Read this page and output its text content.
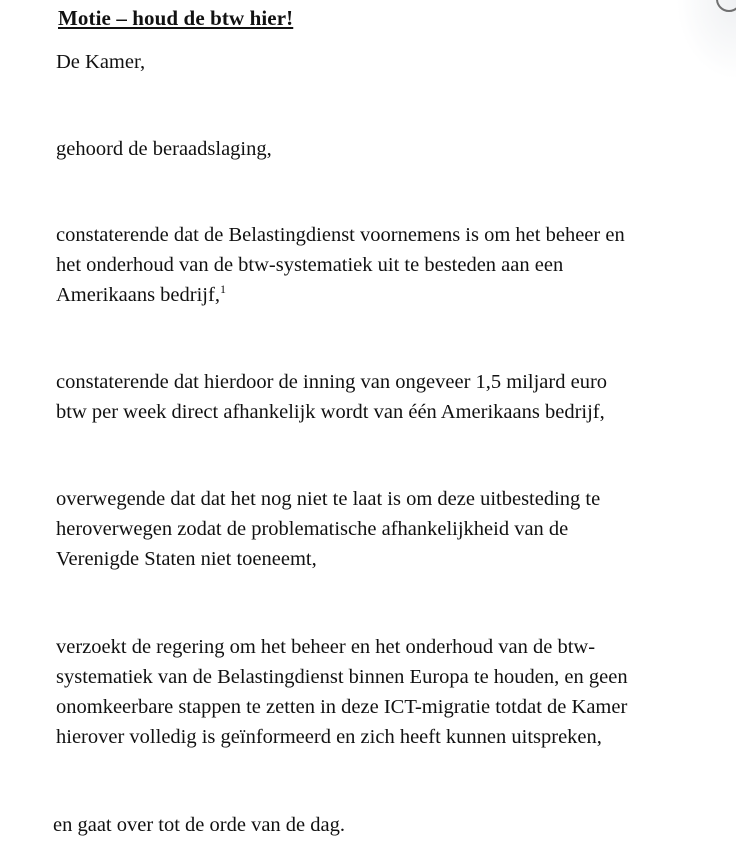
Motie – houd de btw hier!
De Kamer,
gehoord de beraadslaging,
constaterende dat de Belastingdienst voornemens is om het beheer en
het onderhoud van de btw-systematiek uit te besteden aan een
Amerikaans bedrijf,$^1$
constaterende dat hierdoor de inning van ongeveer 1,5 miljard euro
btw per week direct afhankelijk wordt van één Amerikaans bedrijf,
overwegende dat dat het nog niet te laat is om deze uitbesteding te
heroverwegen zodat de problematische afhankelijkheid van de
Verenigde Staten niet toeneemt,
verzoekt de regering om het beheer en het onderhoud van de btw-
systematiek van de Belastingdienst binnen Europa te houden, en geen
onomkeerbare stappen te zetten in deze ICT-migratie totdat de Kamer
hierover volledig is geïnformeerd en zich heeft kunnen uitspreken,
en gaat over tot de orde van de dag.
